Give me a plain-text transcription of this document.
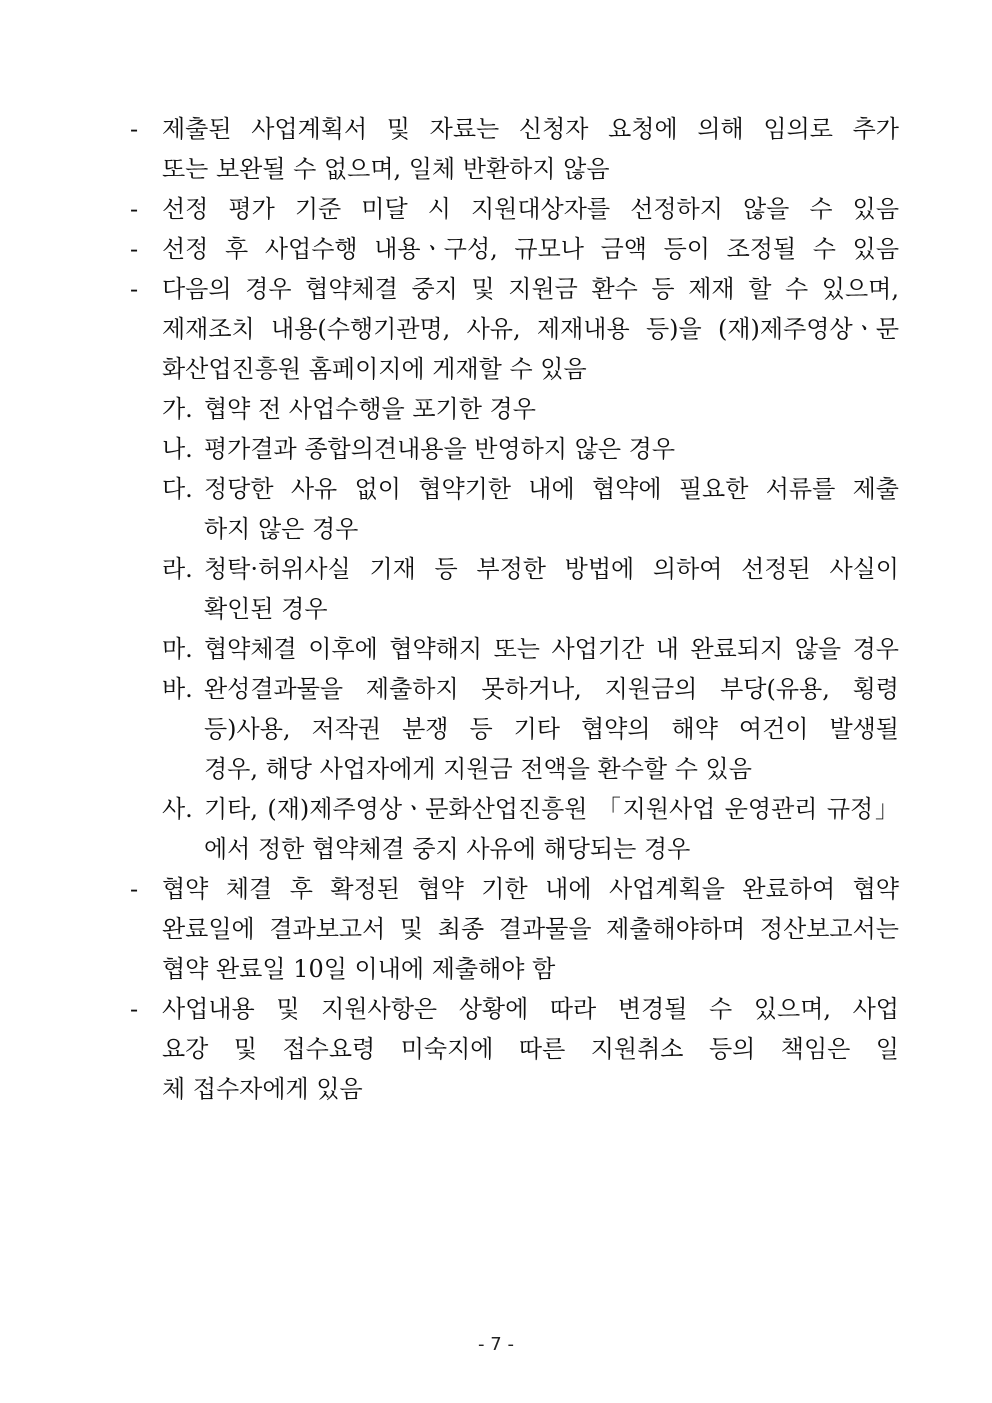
- 제출된 사업계획서 및 자료는 신청자 요청에 의해 임의로 추가
또는 보완될 수 없으며, 일체 반환하지 않음
- 선정 평가 기준 미달 시 지원대상자를 선정하지 않을 수 있음
- 선정 후 사업수행 내용ㆍ구성, 규모나 금액 등이 조정될 수 있음
- 다음의 경우 협약체결 중지 및 지원금 환수 등 제재 할 수 있으며,
제재조치 내용(수행기관명, 사유, 제재내용 등)을 (재)제주영상ㆍ문
화산업진흥원 홈페이지에 게재할 수 있음
가. 협약 전 사업수행을 포기한 경우
나. 평가결과 종합의견내용을 반영하지 않은 경우
다. 정당한 사유 없이 협약기한 내에 협약에 필요한 서류를 제출
하지 않은 경우
라. 청탁·허위사실 기재 등 부정한 방법에 의하여 선정된 사실이
확인된 경우
마. 협약체결 이후에 협약해지 또는 사업기간 내 완료되지 않을 경우
바. 완성결과물을 제출하지 못하거나, 지원금의 부당(유용, 횡령
등)사용, 저작권 분쟁 등 기타 협약의 해약 여건이 발생될
경우, 해당 사업자에게 지원금 전액을 환수할 수 있음
사. 기타, (재)제주영상ㆍ문화산업진흥원 「지원사업 운영관리 규정」
에서 정한 협약체결 중지 사유에 해당되는 경우
- 협약 체결 후 확정된 협약 기한 내에 사업계획을 완료하여 협약
완료일에 결과보고서 및 최종 결과물을 제출해야하며 정산보고서는
협약 완료일 10일 이내에 제출해야 함
- 사업내용 및 지원사항은 상황에 따라 변경될 수 있으며, 사업
요강 및 접수요령 미숙지에 따른 지원취소 등의 책임은 일
체 접수자에게 있음
- 7 -
